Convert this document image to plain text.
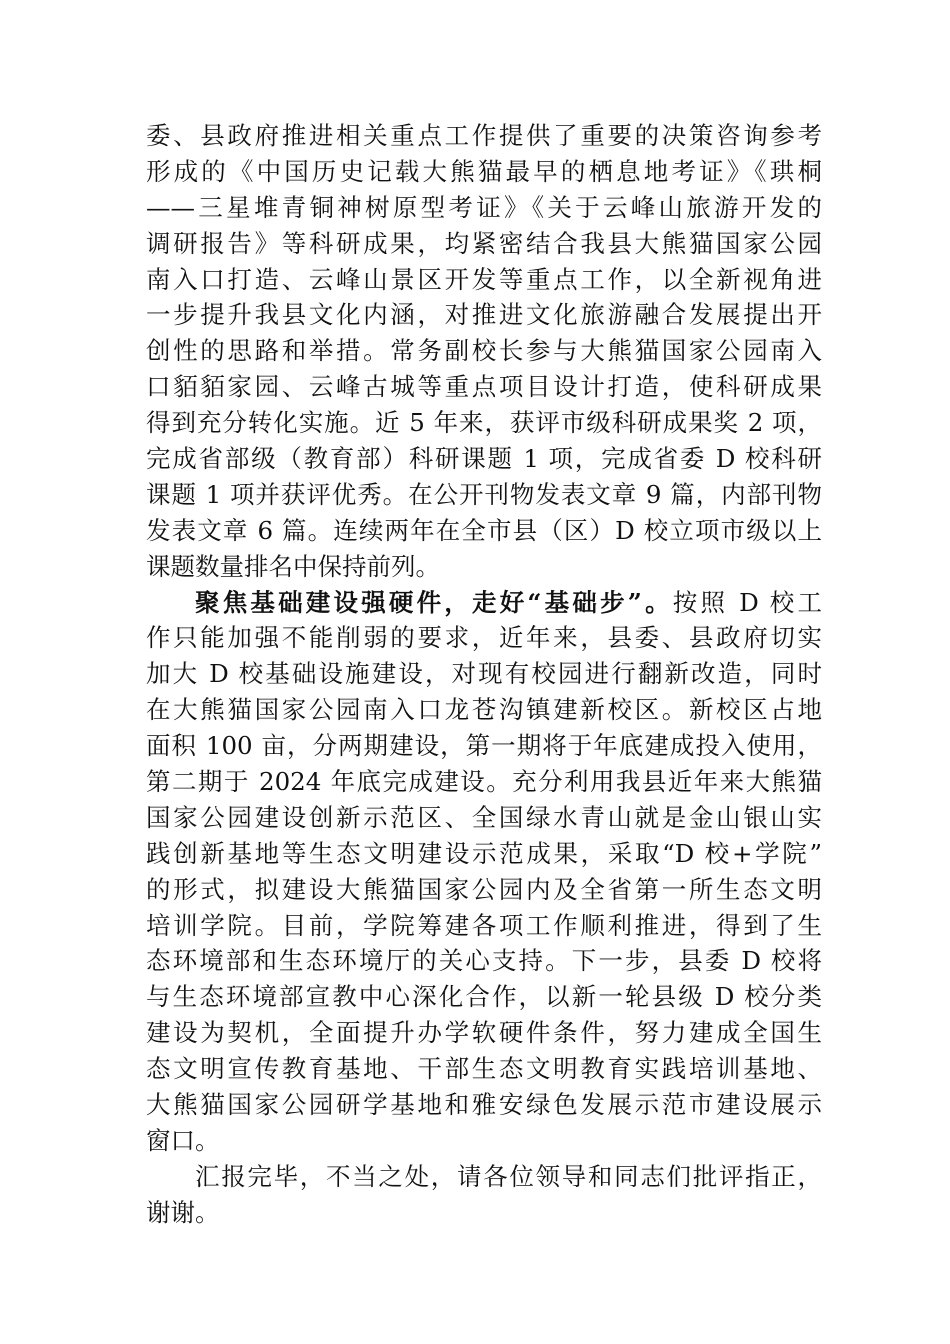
委、县政府推进相关重点工作提供了重要的决策咨询参考
形成的《中国历史记载大熊猫最早的栖息地考证》《珙桐
——三星堆青铜神树原型考证》《关于云峰山旅游开发的
调研报告》等科研成果，均紧密结合我县大熊猫国家公园
南入口打造、云峰山景区开发等重点工作，以全新视角进
一步提升我县文化内涵，对推进文化旅游融合发展提出开
创性的思路和举措。常务副校长参与大熊猫国家公园南入
口貊貊家园、云峰古城等重点项目设计打造，使科研成果
得到充分转化实施。近 5 年来，获评市级科研成果奖 2 项，
完成省部级（教育部）科研课题 1 项，完成省委 D 校科研
课题 1 项并获评优秀。在公开刊物发表文章 9 篇，内部刊物
发表文章 6 篇。连续两年在全市县（区）D 校立项市级以上
课题数量排名中保持前列。
聚焦基础建设强硬件，走好“基础步”。按照 D 校工
作只能加强不能削弱的要求，近年来，县委、县政府切实
加大 D 校基础设施建设，对现有校园进行翻新改造，同时
在大熊猫国家公园南入口龙苍沟镇建新校区。新校区占地
面积 100 亩，分两期建设，第一期将于年底建成投入使用，
第二期于 2024 年底完成建设。充分利用我县近年来大熊猫
国家公园建设创新示范区、全国绿水青山就是金山银山实
践创新基地等生态文明建设示范成果，采取“D 校+学院”
的形式，拟建设大熊猫国家公园内及全省第一所生态文明
培训学院。目前，学院筹建各项工作顺利推进，得到了生
态环境部和生态环境厅的关心支持。下一步，县委 D 校将
与生态环境部宣教中心深化合作，以新一轮县级 D 校分类
建设为契机，全面提升办学软硬件条件，努力建成全国生
态文明宣传教育基地、干部生态文明教育实践培训基地、
大熊猫国家公园研学基地和雅安绿色发展示范市建设展示
窗口。
汇报完毕，不当之处，请各位领导和同志们批评指正，
谢谢。
